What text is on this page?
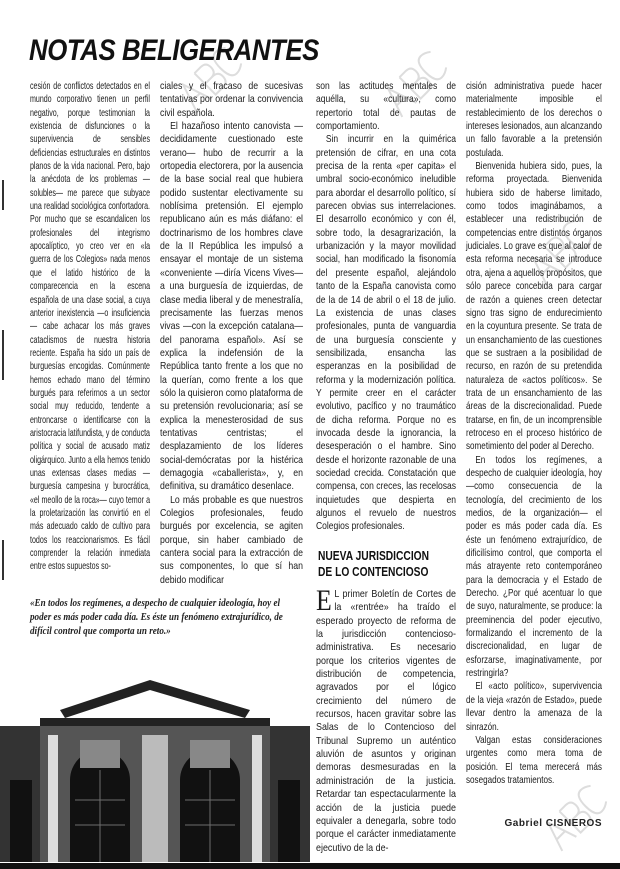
NOTAS BELIGERANTES

cesión de conflictos detectados en el mundo corporativo tienen un perfil negativo, porque testimonian la existencia de disfunciones o la supervivencia de sensibles deficiencias estructurales en distintos planos de la vida nacional. Pero, bajo la anécdota de los problemas —solubles— me parece que subyace una realidad sociológica confortadora. Por mucho que se escandalicen los profesionales del integrismo apocalíptico, yo creo ver en «la guerra de los Colegios» nada menos que el latido histórico de la comparecencia en la escena española de una clase social, a cuya anterior inexistencia —o insuficiencia— cabe achacar los más graves cataclismos de nuestra historia reciente. España ha sido un país de burguesías encogidas. Comúnmente hemos echado mano del término burgués para referirnos a un sector social muy reducido, tendente a entroncarse o identificarse con la aristocracia latifundista, y de conducta política y social de acusado matiz oligárquico. Junto a ella hemos tenido unas extensas clases medias —burguesía campesina y burocrática, «el meollo de la roca»— cuyo temor a la proletarización las convirtió en el más adecuado caldo de cultivo para todos los reaccionarismos. Es fácil comprender la relación inmediata entre estos supuestos so-

ciales y el fracaso de sucesivas tentativas por ordenar la convivencia civil española.

El hazañoso intento canovista —decididamente cuestionado este verano— hubo de recurrir a la ortopedia electorera, por la ausencia de la base social real que hubiera podido sustentar electivamente su noblísima pretensión. El ejemplo republicano aún es más diáfano: el doctrinarismo de los hombres clave de la II República les impulsó a ensayar el montaje de un sistema «conveniente —diría Vicens Vives— a una burguesía de izquierdas, de clase media liberal y de menestralía, precisamente las fuerzas menos vivas —con la excepción catalana— del panorama español». Así se explica la indefensión de la República tanto frente a los que no la querían, como frente a los que sólo la quisieron como plataforma de su pretensión revolucionaria; así se explica la menesterosidad de sus tentativas centristas; el desplazamiento de los líderes social-demócratas por la histérica demagogia «caballerista», y, en definitiva, su dramático desenlace.

Lo más probable es que nuestros Colegios profesionales, feudo burgués por excelencia, se agiten porque, sin haber cambiado de cantera social para la extracción de sus componentes, lo que sí han debido modificar

son las actitudes mentales de aquélla, su «cultura», como repertorio total de pautas de comportamiento.

Sin incurrir en la quimérica pretensión de cifrar, en una cota precisa de la renta «per capita» el umbral socio-económico ineludible para abordar el desarrollo político, sí parecen obvias sus interrelaciones. El desarrollo económico y con él, sobre todo, la desagrarización, la urbanización y la mayor movilidad social, han modificado la fisonomía del presente español, alejándolo tanto de la España canovista como de la de 14 de abril o el 18 de julio. La existencia de unas clases profesionales, punta de vanguardia de una burguesía consciente y sensibilizada, ensancha las esperanzas en la posibilidad de reforma y la modernización política. Y permite creer en el carácter evolutivo, pacífico y no traumático de dicha reforma. Porque no es invocada desde la ignorancia, la desesperación o el hambre. Sino desde el horizonte razonable de una sociedad crecida. Constatación que compensa, con creces, las recelosas inquietudes que despierta en algunos el revuelo de nuestros Colegios profesionales.

NUEVA JURISDICCION DE LO CONTENCIOSO

E L primer Boletín de Cortes de la «rentrée» ha traído el esperado proyecto de reforma de la jurisdicción contencioso-administrativa. Es necesario porque los criterios vigentes de distribución de competencia, agravados por el lógico crecimiento del número de recursos, hacen gravitar sobre las Salas de lo Contencioso del Tribunal Supremo un auténtico aluvión de asuntos y originan demoras desmesuradas en la administración de la justicia. Retardar tan espectacularmente la acción de la justicia puede equivaler a denegarla, sobre todo porque el carácter inmediatamente ejecutivo de la de-

cisión administrativa puede hacer materialmente imposible el restablecimiento de los derechos o intereses lesionados, aun alcanzando un fallo favorable a la pretensión postulada.

Bienvenida hubiera sido, pues, la reforma proyectada. Bienvenida hubiera sido de haberse limitado, como todos imaginábamos, a establecer una redistribución de competencias entre distintos órganos judiciales. Lo grave es que al calor de esta reforma necesaria se introduce otra, ajena a aquellos propósitos, que sólo parece concebida para cargar de razón a quienes creen detectar signo tras signo de endurecimiento en la coyuntura presente. Se trata de un ensanchamiento de las cuestiones que se sustraen a la posibilidad de recurso, en razón de su pretendida naturaleza de «actos políticos». Se trata de un ensanchamiento de las áreas de la discrecionalidad. Puede tratarse, en fin, de un incomprensible retroceso en el proceso histórico de sometimiento del poder al Derecho.

En todos los regímenes, a despecho de cualquier ideología, hoy —como consecuencia de la tecnología, del crecimiento de los medios, de la organización— el poder es más poder cada día. Es éste un fenómeno extrajurídico, de dificilísimo control, que comporta el más atrayente reto contemporáneo para la democracia y el Estado de Derecho. ¿Por qué acentuar lo que de suyo, naturalmente, se produce: la preeminencia del poder ejecutivo, formalizando el incremento de la discrecionalidad, en lugar de esforzarse, imaginativamente, por restringirla?

El «acto político», supervivencia de la vieja «razón de Estado», puede llevar dentro la amenaza de la sinrazón.

Valgan estas consideraciones urgentes como mera toma de posición. El tema merecerá más sosegados tratamientos.

Gabriel CISNEROS
«En todos los regímenes, a despecho de cualquier ideología, hoy el poder es más poder cada día. Es éste un fenómeno extrajurídico, de difícil control que comporta un reto.»
